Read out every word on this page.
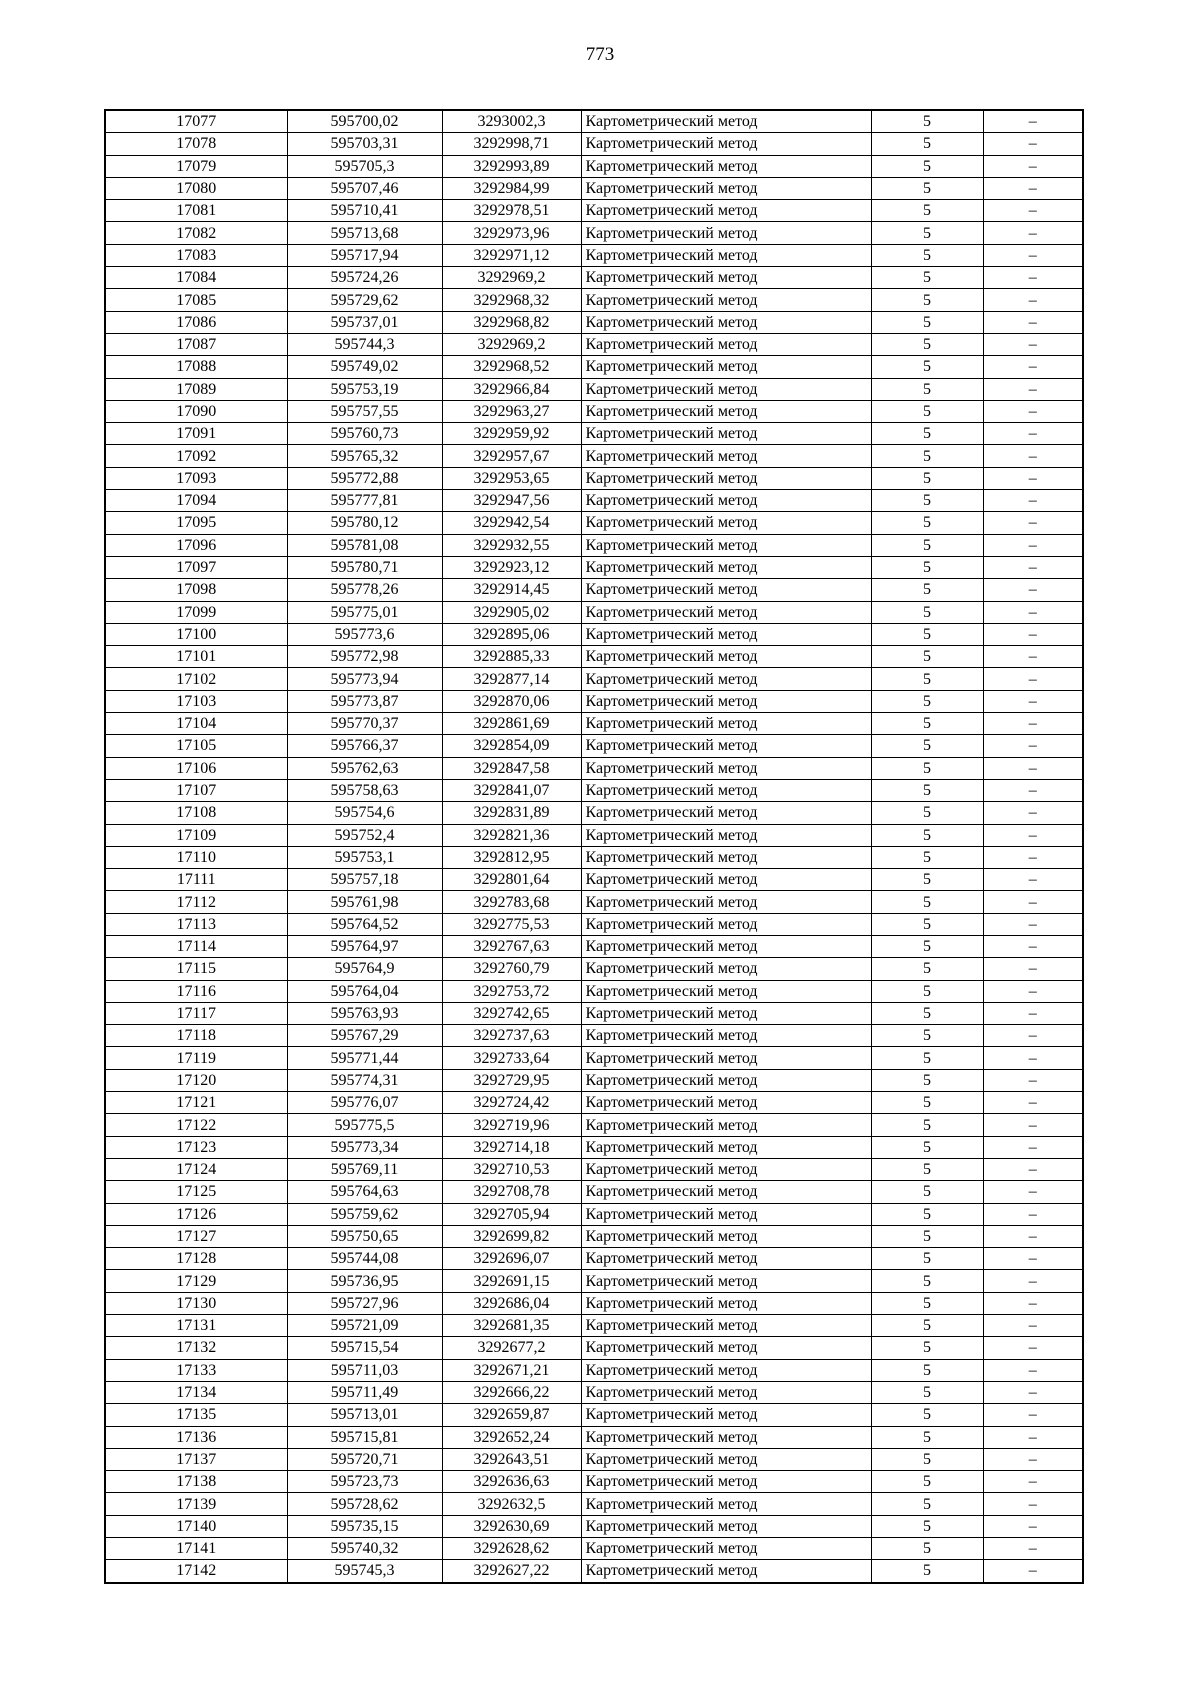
773
17077	595700,02	3293002,3	Картометрический метод	5	–
17078	595703,31	3292998,71	Картометрический метод	5	–
17079	595705,3	3292993,89	Картометрический метод	5	–
17080	595707,46	3292984,99	Картометрический метод	5	–
17081	595710,41	3292978,51	Картометрический метод	5	–
17082	595713,68	3292973,96	Картометрический метод	5	–
17083	595717,94	3292971,12	Картометрический метод	5	–
17084	595724,26	3292969,2	Картометрический метод	5	–
17085	595729,62	3292968,32	Картометрический метод	5	–
17086	595737,01	3292968,82	Картометрический метод	5	–
17087	595744,3	3292969,2	Картометрический метод	5	–
17088	595749,02	3292968,52	Картометрический метод	5	–
17089	595753,19	3292966,84	Картометрический метод	5	–
17090	595757,55	3292963,27	Картометрический метод	5	–
17091	595760,73	3292959,92	Картометрический метод	5	–
17092	595765,32	3292957,67	Картометрический метод	5	–
17093	595772,88	3292953,65	Картометрический метод	5	–
17094	595777,81	3292947,56	Картометрический метод	5	–
17095	595780,12	3292942,54	Картометрический метод	5	–
17096	595781,08	3292932,55	Картометрический метод	5	–
17097	595780,71	3292923,12	Картометрический метод	5	–
17098	595778,26	3292914,45	Картометрический метод	5	–
17099	595775,01	3292905,02	Картометрический метод	5	–
17100	595773,6	3292895,06	Картометрический метод	5	–
17101	595772,98	3292885,33	Картометрический метод	5	–
17102	595773,94	3292877,14	Картометрический метод	5	–
17103	595773,87	3292870,06	Картометрический метод	5	–
17104	595770,37	3292861,69	Картометрический метод	5	–
17105	595766,37	3292854,09	Картометрический метод	5	–
17106	595762,63	3292847,58	Картометрический метод	5	–
17107	595758,63	3292841,07	Картометрический метод	5	–
17108	595754,6	3292831,89	Картометрический метод	5	–
17109	595752,4	3292821,36	Картометрический метод	5	–
17110	595753,1	3292812,95	Картометрический метод	5	–
17111	595757,18	3292801,64	Картометрический метод	5	–
17112	595761,98	3292783,68	Картометрический метод	5	–
17113	595764,52	3292775,53	Картометрический метод	5	–
17114	595764,97	3292767,63	Картометрический метод	5	–
17115	595764,9	3292760,79	Картометрический метод	5	–
17116	595764,04	3292753,72	Картометрический метод	5	–
17117	595763,93	3292742,65	Картометрический метод	5	–
17118	595767,29	3292737,63	Картометрический метод	5	–
17119	595771,44	3292733,64	Картометрический метод	5	–
17120	595774,31	3292729,95	Картометрический метод	5	–
17121	595776,07	3292724,42	Картометрический метод	5	–
17122	595775,5	3292719,96	Картометрический метод	5	–
17123	595773,34	3292714,18	Картометрический метод	5	–
17124	595769,11	3292710,53	Картометрический метод	5	–
17125	595764,63	3292708,78	Картометрический метод	5	–
17126	595759,62	3292705,94	Картометрический метод	5	–
17127	595750,65	3292699,82	Картометрический метод	5	–
17128	595744,08	3292696,07	Картометрический метод	5	–
17129	595736,95	3292691,15	Картометрический метод	5	–
17130	595727,96	3292686,04	Картометрический метод	5	–
17131	595721,09	3292681,35	Картометрический метод	5	–
17132	595715,54	3292677,2	Картометрический метод	5	–
17133	595711,03	3292671,21	Картометрический метод	5	–
17134	595711,49	3292666,22	Картометрический метод	5	–
17135	595713,01	3292659,87	Картометрический метод	5	–
17136	595715,81	3292652,24	Картометрический метод	5	–
17137	595720,71	3292643,51	Картометрический метод	5	–
17138	595723,73	3292636,63	Картометрический метод	5	–
17139	595728,62	3292632,5	Картометрический метод	5	–
17140	595735,15	3292630,69	Картометрический метод	5	–
17141	595740,32	3292628,62	Картометрический метод	5	–
17142	595745,3	3292627,22	Картометрический метод	5	–
